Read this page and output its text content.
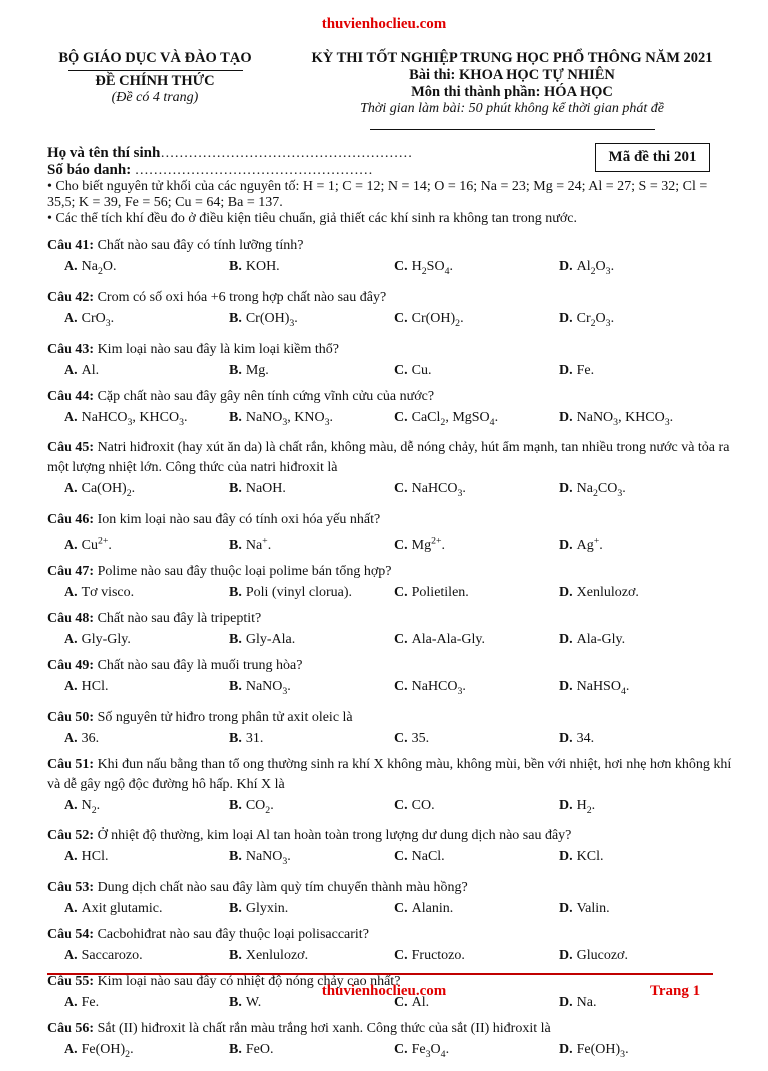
thuvienhoclieu.com
BỘ GIÁO DỤC VÀ ĐÀO TẠO
ĐỀ CHÍNH THỨC
(Đề có 4 trang)
KỲ THI TỐT NGHIỆP TRUNG HỌC PHỔ THÔNG NĂM 2021
Bài thi: KHOA HỌC TỰ NHIÊN
Môn thi thành phần: HÓA HỌC
Thời gian làm bài: 50 phút không kể thời gian phát đề
Mã đề thi 201
Họ và tên thí sinh………………………………………………
Số báo danh: ……………………………………………
• Cho biết nguyên tử khối của các nguyên tố: H = 1; C = 12; N = 14; O = 16; Na = 23; Mg = 24; Al = 27; S = 32; Cl = 35,5; K = 39, Fe = 56; Cu = 64; Ba = 137.
• Các thể tích khí đều đo ở điều kiện tiêu chuẩn, giả thiết các khí sinh ra không tan trong nước.
Câu 41: Chất nào sau đây có tính lưỡng tính?
A. $Na_2O$.	B. KOH.	C. $H_2SO_4$.	D. $Al_2O_3$.
Câu 42: Crom có số oxi hóa +6 trong hợp chất nào sau đây?
A. CrO$_3$.	B. $Cr(OH)_3$.	C. $Cr(OH)_2$.	D. $Cr_2O_3$.
Câu 43: Kim loại nào sau đây là kim loại kiềm thổ?
A. Al.	B. Mg.	C. Cu.	D. Fe.
Câu 44: Cặp chất nào sau đây gây nên tính cứng vĩnh cửu của nước?
A. NaHCO$_3$, $KHCO_3$.	B. NaNO$_3$, $KNO_3$.	C. CaCl$_2$, MgSO$_4$.	D. NaNO$_3$, $KHCO_3$.
Câu 45: Natri hiđroxit (hay xút ăn da) là chất rắn, không màu, dễ nóng chảy, hút ẩm mạnh, tan nhiều trong nước và tỏa ra một lượng nhiệt lớn. Công thức của natri hiđroxit là
A. $Ca(OH)_2$.	B. NaOH.	C. NaHCO$_3$.	D. $Na_2CO_3$.
Câu 46: Ion kim loại nào sau đây có tính oxi hóa yếu nhất?
A. $Cu^{2+}$.	B. Na+.	C. $Mg^{2+}$.	D. Ag+.
Câu 47: Polime nào sau đây thuộc loại polime bán tổng hợp?
A. Tơ visco.	B. Poli (vinyl clorua).	C. Polietilen.	D. Xenlulozơ.
Câu 48: Chất nào sau đây là tripeptit?
A. Gly-Gly.	B. Gly-Ala.	C. Ala-Ala-Gly.	D. Ala-Gly.
Câu 49: Chất nào sau đây là muối trung hòa?
A. HCl.	B. NaNO$_3$.	C. NaHCO$_3$.	D. NaHSO$_4$.
Câu 50: Số nguyên tử hiđro trong phân tử axit oleic là
A. 36.	B. 31.	C. 35.	D. 34.
Câu 51: Khi đun nấu bằng than tổ ong thường sinh ra khí X không màu, không mùi, bền với nhiệt, hơi nhẹ hơn không khí và dễ gây ngộ độc đường hô hấp. Khí X là
A. $N_2$.	B. $CO_2$.	C. CO.	D. $H_2$.
Câu 52: Ở nhiệt độ thường, kim loại Al tan hoàn toàn trong lượng dư dung dịch nào sau đây?
A. HCl.	B. NaNO$_3$.	C. NaCl.	D. KCl.
Câu 53: Dung dịch chất nào sau đây làm quỳ tím chuyển thành màu hồng?
A. Axit glutamic.	B. Glyxin.	C. Alanin.	D. Valin.
Câu 54: Cacbohiđrat nào sau đây thuộc loại polisaccarit?
A. Saccarozo.	B. Xenlulozơ.	C. Fructozo.	D. Glucozơ.
Câu 55: Kim loại nào sau đây có nhiệt độ nóng chảy cao nhất?
A. Fe.	B. W.	C. Al.	D. Na.
Câu 56: Sắt (II) hiđroxit là chất rắn màu trắng hơi xanh. Công thức của sắt (II) hiđroxit là
A. $Fe(OH)_2$.	B. FeO.	C. $Fe_3O_4$.	D. $Fe(OH)_3$.
thuvienhoclieu.com	Trang 1
